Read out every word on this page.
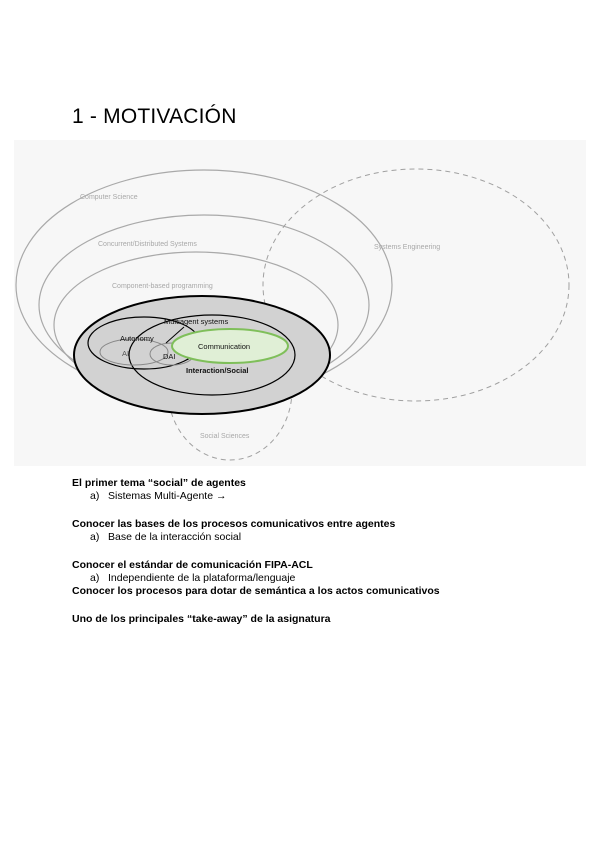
1 - MOTIVACIÓN
Computer Science
Concurrent/Distributed Systems	Systems Engineering
Component-based programming
Multiagent systems
Autonomy
AI	DAI
Communication
Interaction/Social
Social Sciences
El primer tema “social” de agentes
a) Sistemas Multi-Agente →
Conocer las bases de los procesos comunicativos entre agentes
a) Base de la interacción social
Conocer el estándar de comunicación FIPA-ACL
a) Independiente de la plataforma/lenguaje
Conocer los procesos para dotar de semántica a los actos comunicativos
Uno de los principales “take-away” de la asignatura
